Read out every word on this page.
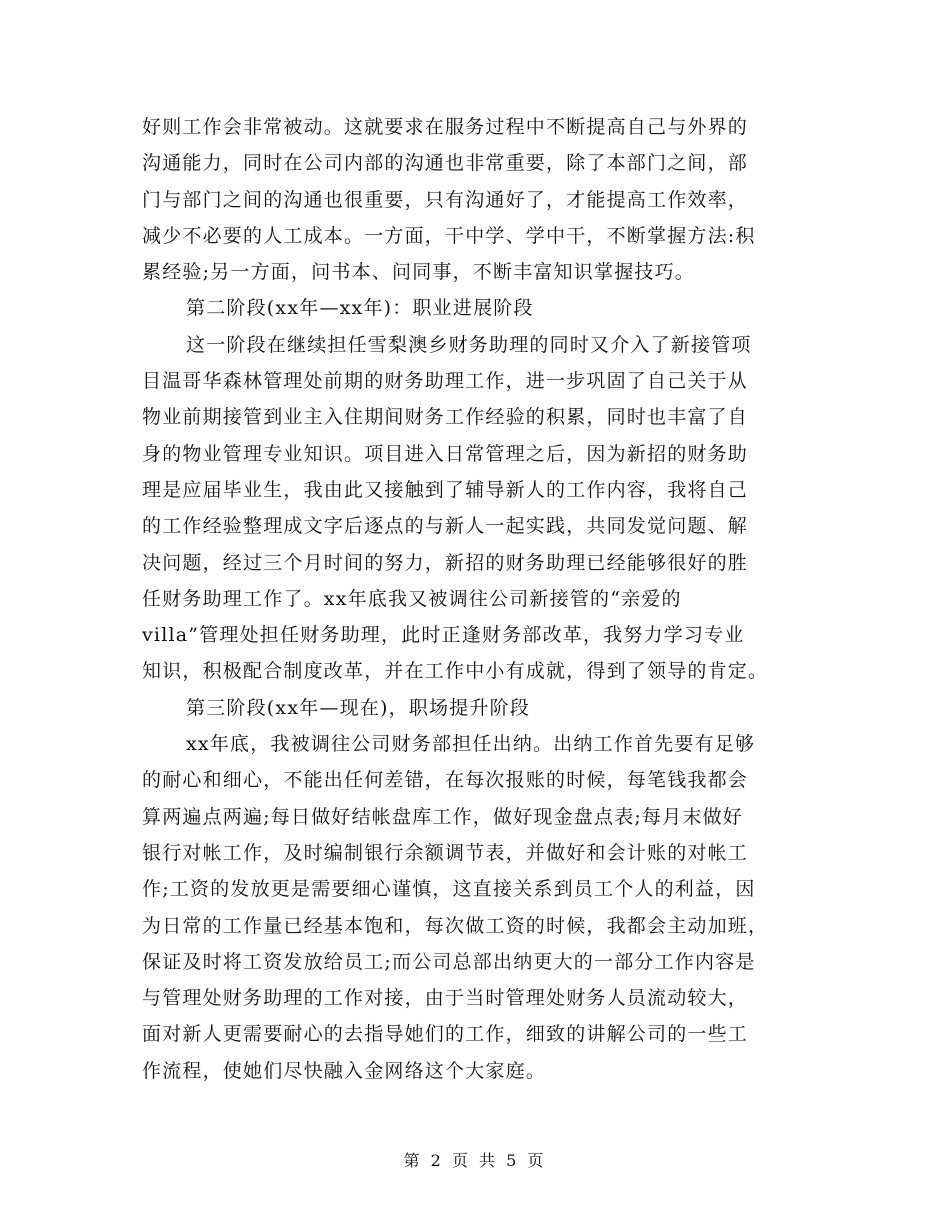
好则工作会非常被动。这就要求在服务过程中不断提高自己与外界的
沟通能力，同时在公司内部的沟通也非常重要，除了本部门之间，部
门与部门之间的沟通也很重要，只有沟通好了，才能提高工作效率，
减少不必要的人工成本。一方面，干中学、学中干，不断掌握方法:积
累经验;另一方面，问书本、问同事，不断丰富知识掌握技巧。
第二阶段(xx年—xx年)：职业进展阶段
这一阶段在继续担任雪梨澳乡财务助理的同时又介入了新接管项
目温哥华森林管理处前期的财务助理工作，进一步巩固了自己关于从
物业前期接管到业主入住期间财务工作经验的积累，同时也丰富了自
身的物业管理专业知识。项目进入日常管理之后，因为新招的财务助
理是应届毕业生，我由此又接触到了辅导新人的工作内容，我将自己
的工作经验整理成文字后逐点的与新人一起实践，共同发觉问题、解
决问题，经过三个月时间的努力，新招的财务助理已经能够很好的胜
任财务助理工作了。xx年底我又被调往公司新接管的“亲爱的
villa”管理处担任财务助理，此时正逢财务部改革，我努力学习专业
知识，积极配合制度改革，并在工作中小有成就，得到了领导的肯定。
第三阶段(xx年—现在)，职场提升阶段
xx年底，我被调往公司财务部担任出纳。出纳工作首先要有足够
的耐心和细心，不能出任何差错，在每次报账的时候，每笔钱我都会
算两遍点两遍;每日做好结帐盘库工作，做好现金盘点表;每月末做好
银行对帐工作，及时编制银行余额调节表，并做好和会计账的对帐工
作;工资的发放更是需要细心谨慎，这直接关系到员工个人的利益，因
为日常的工作量已经基本饱和，每次做工资的时候，我都会主动加班，
保证及时将工资发放给员工;而公司总部出纳更大的一部分工作内容是
与管理处财务助理的工作对接，由于当时管理处财务人员流动较大，
面对新人更需要耐心的去指导她们的工作，细致的讲解公司的一些工
作流程，使她们尽快融入金网络这个大家庭。
第 2 页 共 5 页
